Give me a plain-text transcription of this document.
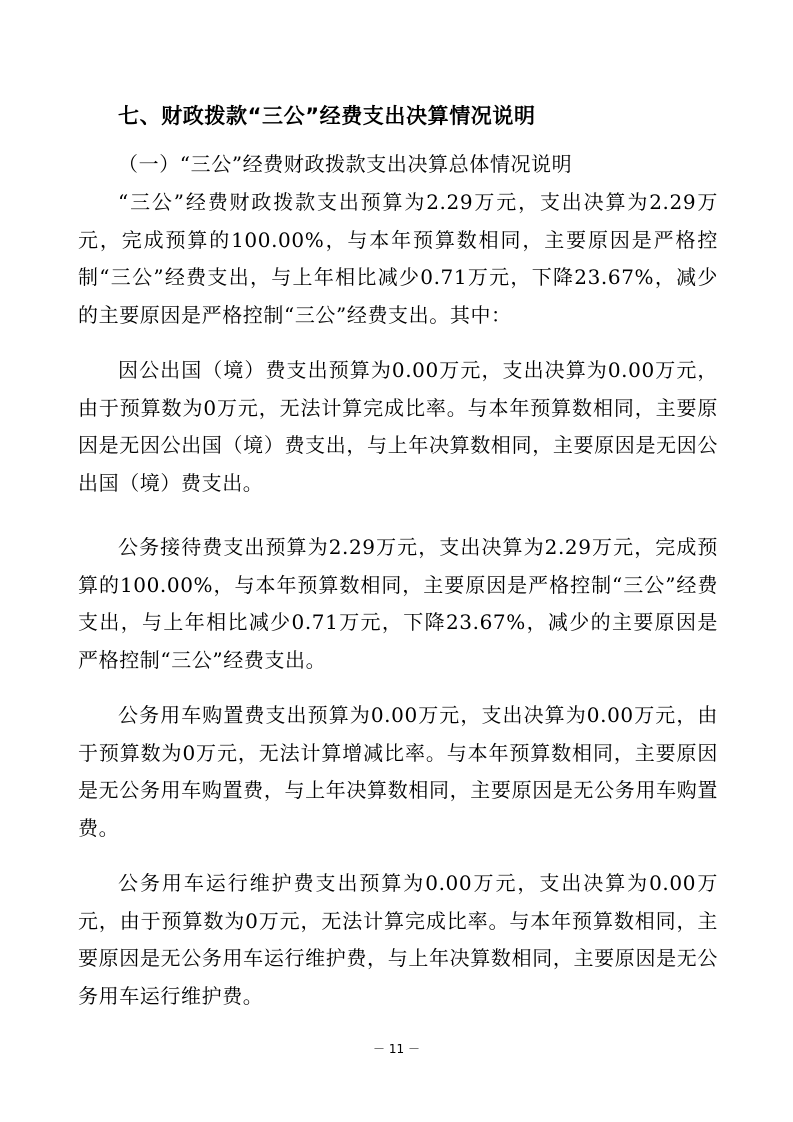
七、财政拨款“三公”经费支出决算情况说明
（一）“三公”经费财政拨款支出决算总体情况说明

“三公”经费财政拨款支出预算为2.29万元，支出决算为2.29万元，完成预算的100.00%，与本年预算数相同，主要原因是严格控制“三公”经费支出，与上年相比减少0.71万元，下降23.67%，减少的主要原因是严格控制“三公”经费支出。其中：

因公出国（境）费支出预算为0.00万元，支出决算为0.00万元，由于预算数为0万元，无法计算完成比率。与本年预算数相同，主要原因是无因公出国（境）费支出，与上年决算数相同，主要原因是无因公出国（境）费支出。

公务接待费支出预算为2.29万元，支出决算为2.29万元，完成预算的100.00%，与本年预算数相同，主要原因是严格控制“三公”经费支出，与上年相比减少0.71万元，下降23.67%，减少的主要原因是严格控制“三公”经费支出。

公务用车购置费支出预算为0.00万元，支出决算为0.00万元，由于预算数为0万元，无法计算增减比率。与本年预算数相同，主要原因是无公务用车购置费，与上年决算数相同，主要原因是无公务用车购置费。

公务用车运行维护费支出预算为0.00万元，支出决算为0.00万元，由于预算数为0万元，无法计算完成比率。与本年预算数相同，主要原因是无公务用车运行维护费，与上年决算数相同，主要原因是无公务用车运行维护费。

－ 11 －
